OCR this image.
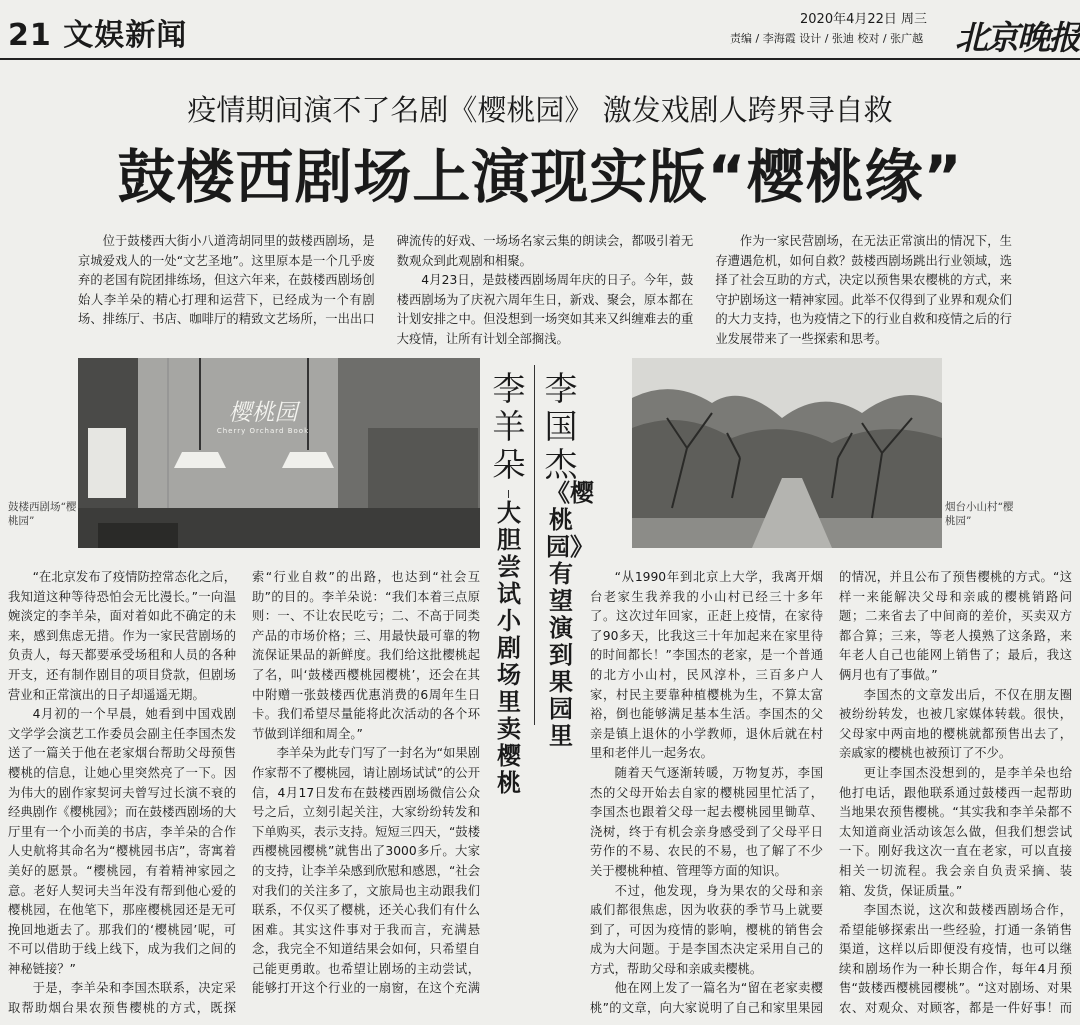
21 文娱新闻	2020年4月22日 周三
责编 / 李海霞 设计 / 张迪 校对 / 张广越 北京晚报
疫情期间演不了名剧《樱桃园》 激发戏剧人跨界寻自救
鼓楼西剧场上演现实版“樱桃缘”

位于鼓楼西大街小八道湾胡同里的鼓楼西剧场，是京城爱戏人的一处“文艺圣地”。这里原本是一个几乎废弃的老国有院团排练场，但这六年来，在鼓楼西剧场创始人李羊朵的精心打理和运营下，已经成为一个有剧场、排练厅、书店、咖啡厅的精致文艺场所，一出出口碑流传的好戏、一场场名家云集的朗读会，都吸引着无数观众到此观剧和相聚。

4月23日，是鼓楼西剧场周年庆的日子。今年，鼓楼西剧场为了庆祝六周年生日，新戏、聚会，原本都在计划安排之中。但没想到一场突如其来又纠缠难去的重大疫情，让所有计划全部搁浅。

作为一家民营剧场，在无法正常演出的情况下，生存遭遇危机，如何自救？鼓楼西剧场跳出行业领域，选择了社会互助的方式，决定以预售果农樱桃的方式，来守护剧场这一精神家园。此举不仅得到了业界和观众们的大力支持，也为疫情之下的行业自救和疫情之后的行业发展带来了一些探索和思考。

樱桃园
Cherry Orchard Book
鼓楼西剧场“樱桃园”
李羊朵
大胆尝试小剧场里卖樱桃
李国杰
《樱桃园》有望演到果园里
烟台小山村“樱桃园”

“在北京发布了疫情防控常态化之后，我知道这种等待恐怕会无比漫长。”一向温婉淡定的李羊朵，面对着如此不确定的未来，感到焦虑无措。作为一家民营剧场的负责人，每天都要承受场租和人员的各种开支，还有制作剧目的项目贷款，但剧场营业和正常演出的日子却遥遥无期。

4月初的一个早晨，她看到中国戏剧文学学会演艺工作委员会副主任李国杰发送了一篇关于他在老家烟台帮助父母预售樱桃的信息，让她心里突然亮了一下。因为伟大的剧作家契诃夫曾写过长演不衰的经典剧作《樱桃园》；而在鼓楼西剧场的大厅里有一个小而美的书店，李羊朵的合作人史航将其命名为“樱桃园书店”，寄寓着美好的愿景。“樱桃园，有着精神家园之意。老好人契诃夫当年没有帮到他心爱的樱桃园，在他笔下，那座樱桃园还是无可挽回地逝去了。那我们的‘樱桃园’呢，可不可以借助于线上线下，成为我们之间的神秘链接？”

于是，李羊朵和李国杰联系，决定采取帮助烟台果农预售樱桃的方式，既探索“行业自救”的出路，也达到“社会互助”的目的。李羊朵说：“我们本着三点原则：一、不让农民吃亏；二、不高于同类产品的市场价格；三、用最快最可靠的物流保证果品的新鲜度。我们给这批樱桃起了名，叫‘鼓楼西樱桃园樱桃’，还会在其中附赠一张鼓楼西优惠消费的6周年生日卡。我们希望尽量能将此次活动的各个环节做到详细和周全。”

李羊朵为此专门写了一封名为“如果剧作家帮不了樱桃园，请让剧场试试”的公开信，4月17日发布在鼓楼西剧场微信公众号之后，立刻引起关注，大家纷纷转发和下单购买，表示支持。短短三四天，“鼓楼西樱桃园樱桃”就售出了3000多斤。大家的支持，让李羊朵感到欣慰和感恩，“社会对我们的关注多了，文旅局也主动跟我们联系，不仅买了樱桃，还关心我们有什么困难。其实这件事对于我而言，充满悬念，我完全不知道结果会如何，只希望自己能更勇敢。也希望让剧场的主动尝试，能够打开这个行业的一扇窗，在这个充满

“从1990年到北京上大学，我离开烟台老家生我养我的小山村已经三十多年了。这次过年回家，正赶上疫情，在家待了90多天，比我这三十年加起来在家里待的时间都长！”李国杰的老家，是一个普通的北方小山村，民风淳朴，三百多户人家，村民主要靠种植樱桃为生，不算太富裕，倒也能够满足基本生活。李国杰的父亲是镇上退休的小学教师，退休后就在村里和老伴儿一起务农。

随着天气逐渐转暖，万物复苏，李国杰的父母开始去自家的樱桃园里忙活了，李国杰也跟着父母一起去樱桃园里锄草、浇树，终于有机会亲身感受到了父母平日劳作的不易、农民的不易，也了解了不少关于樱桃种植、管理等方面的知识。

不过，他发现，身为果农的父母和亲戚们都很焦虑，因为收获的季节马上就要到了，可因为疫情的影响，樱桃的销售会成为大问题。于是李国杰决定采用自己的方式，帮助父母和亲戚卖樱桃。

他在网上发了一篇名为“留在老家卖樱桃”的文章，向大家说明了自己和家里果园的情况，并且公布了预售樱桃的方式。“这样一来能解决父母和亲戚的樱桃销路问题；二来省去了中间商的差价，买卖双方都合算；三来，等老人摸熟了这条路，来年老人自己也能网上销售了；最后，我这俩月也有了事做。”

李国杰的文章发出后，不仅在朋友圈被纷纷转发，也被几家媒体转载。很快，父母家中两亩地的樱桃就都预售出去了，亲戚家的樱桃也被预订了不少。

更让李国杰没想到的，是李羊朵也给他打电话，跟他联系通过鼓楼西一起帮助当地果农预售樱桃。“其实我和李羊朵都不太知道商业活动该怎么做，但我们想尝试一下。刚好我这次一直在老家，可以直接相关一切流程。我会亲自负责采摘、装箱、发货，保证质量。”

李国杰说，这次和鼓楼西剧场合作，希望能够探索出一些经验，打通一条销售渠道，这样以后即便没有疫情，也可以继续和剧场作为一种长期合作，每年4月预售“鼓楼西樱桃园樱桃”。“这对剧场、对果农、对观众、对顾客，都是一件好事！而
